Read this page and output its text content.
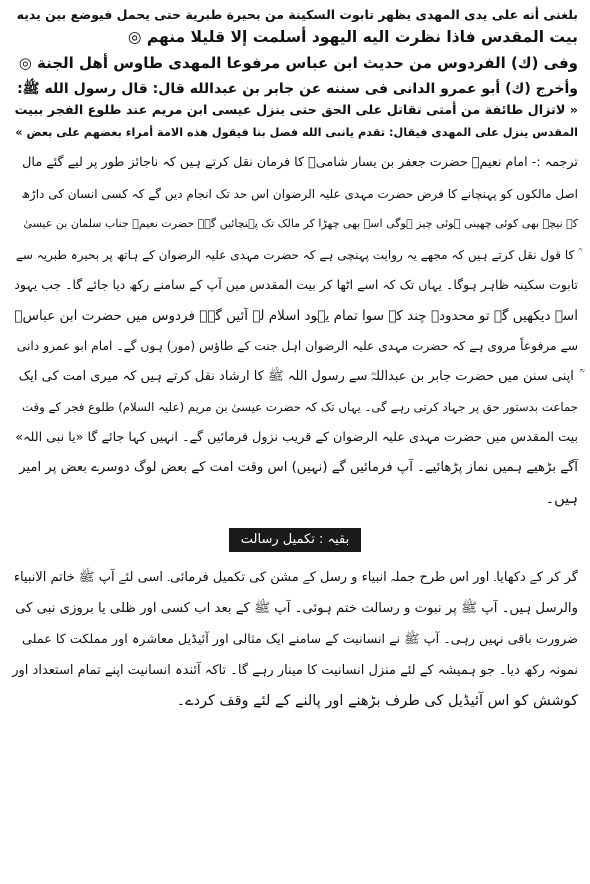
بلغنى أنه على يدى المهدى يظهر تابوت السكينة من بحيرة طبرية حتى يحمل فيوضع بين يديه
بيت المقدس فاذا نظرت اليه اليهود أسلمت إلا قليلا منهم ◎
وفى (ك) الفردوس من حديث ابن عباس مرفوعا المهدى طاوس أهل الجنة ◎
وأخرج (ك) أبو عمرو الدانى فى سننه عن جابر بن عبدالله قال: قال رسول الله ﷺ:
« لاتزال طائفة من أمتى تقاتل على الحق حتى ينزل عيسى ابن مريم عند طلوع الفجر ببيت
المقدس ينزل على المهدى فيقال: تقدم يانبى الله فصل بنا فيقول هذه الامة أمراء بعضهم على بعض »
ترجمہ :- امام نعیمؒ حضرت جعفر بن یسار شامیؒ کا فرمان نقل کرتے ہیں کہ ناجائز طور پر لیے گئے مال
اصل مالکوں کو پہنچانے کا فرض حضرت مہدی علیہ الرضوان اس حد تک انجام دیں گے کہ کسی انسان کی داڑھ
کے نیچے بھی کوئی چھینی ہوئی چیز ہوگی اسے بھی چھڑا کر مالک تک پہنچائیں گے۔ حضرت نعیمؒ جناب سلمان بن عیسیٰ
ؒ کا قول نقل کرتے ہیں کہ مجھے یہ روایت پہنچی ہے کہ حضرت مہدی علیہ الرضوان کے ہاتھ پر بحیرہ طبریہ سے
تابوت سکینہ ظاہر ہوگا۔ یہاں تک کہ اسے اٹھا کر بیت المقدس میں آپ کے سامنے رکھ دیا جائے گا۔ جب یہود
اسے دیکھیں گے تو محدودے چند کے سوا تمام یہود اسلام لے آئیں گے۔ فردوس میں حضرت ابن عباسؓ
سے مرفوعاً مروی ہے کہ حضرت مہدی علیہ الرضوان اہل جنت کے طاؤس (مور) ہوں گے۔ امام ابو عمرو دانی
ؒ اپنی سنن میں حضرت جابر بن عبداللہؓ سے رسول اللہ ﷺ کا ارشاد نقل کرتے ہیں کہ میری امت کی ایک
جماعت بدستور حق پر جہاد کرتی رہے گی۔ یہاں تک کہ حضرت عیسیٰ بن مریم (علیہ السلام) طلوع فجر کے وقت
بیت المقدس میں حضرت مہدی علیہ الرضوان کے قریب نزول فرمائیں گے۔ انہیں کہا جائے گا «یا نبی اللہ»
آگے بڑھیے ہمیں نماز پڑھائیے۔ آپ فرمائیں گے (نہیں) اس وقت امت کے بعض لوگ دوسرے بعض پر امیر
ہیں۔
بقیہ : تکمیل رسالت
گر کر کے دکھایا۔ اور اس طرح جملہ انبیاء و رسل کے مشن کی تکمیل فرمائی۔ اسی لئے آپ ﷺ خاتم الانبیاء
والرسل ہیں۔ آپ ﷺ پر نبوت و رسالت ختم ہوئی۔ آپ ﷺ کے بعد اب کسی اور ظلی یا بروزی نبی کی
ضرورت باقی نہیں رہی۔ آپ ﷺ نے انسانیت کے سامنے ایک مثالی اور آئیڈیل معاشرہ اور مملکت کا عملی
نمونہ رکھ دیا۔ جو ہمیشہ کے لئے منزل انسانیت کا مینار رہے گا۔ تاکہ آئندہ انسانیت اپنے تمام استعداد اور
کوشش کو اس آئیڈیل کی طرف بڑھنے اور پالنے کے لئے وقف کردے۔
